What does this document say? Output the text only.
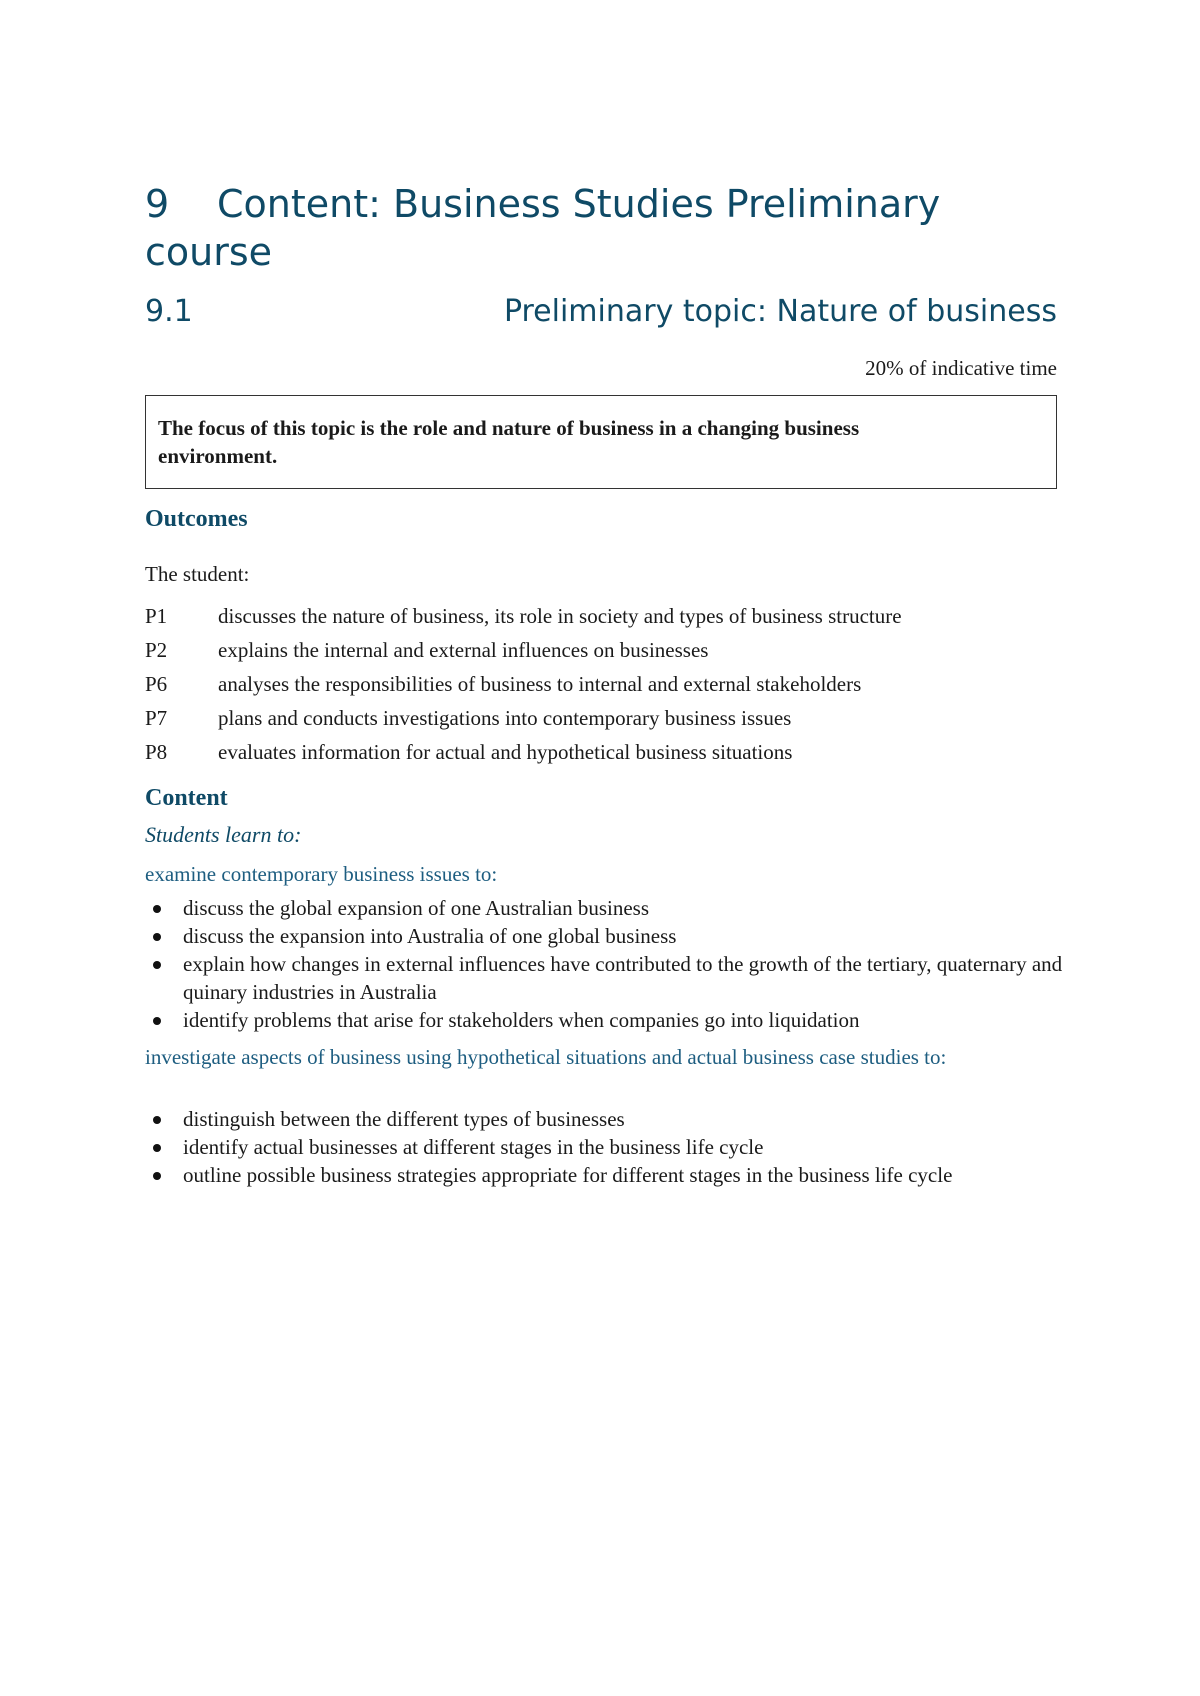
9 Content: Business Studies Preliminary course
9.1	Preliminary topic: Nature of business
20% of indicative time
The focus of this topic is the role and nature of business in a changing business environment.
Outcomes
The student:
P1	discusses the nature of business, its role in society and types of business structure
P2	explains the internal and external influences on businesses
P6	analyses the responsibilities of business to internal and external stakeholders
P7	plans and conducts investigations into contemporary business issues
P8	evaluates information for actual and hypothetical business situations
Content
Students learn to:
examine contemporary business issues to:
discuss the global expansion of one Australian business
discuss the expansion into Australia of one global business
explain how changes in external influences have contributed to the growth of the tertiary, quaternary and quinary industries in Australia
identify problems that arise for stakeholders when companies go into liquidation
investigate aspects of business using hypothetical situations and actual business case studies to:
distinguish between the different types of businesses
identify actual businesses at different stages in the business life cycle
outline possible business strategies appropriate for different stages in the business life cycle
